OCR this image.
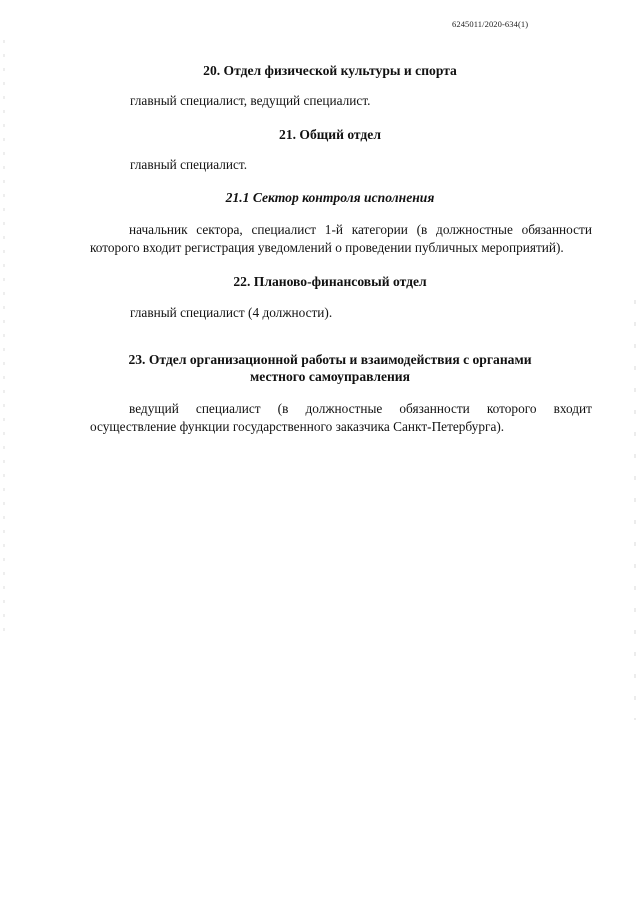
6245011/2020-634(1)
20. Отдел физической культуры и спорта
главный специалист, ведущий специалист.
21. Общий отдел
главный специалист.
21.1 Сектор контроля исполнения
начальник сектора, специалист 1-й категории (в должностные обязанности которого входит регистрация уведомлений о проведении публичных мероприятий).
22. Планово-финансовый отдел
главный специалист (4 должности).
23. Отдел организационной работы и взаимодействия с органами
местного самоуправления
ведущий специалист (в должностные обязанности которого входит осуществление функции государственного заказчика Санкт-Петербурга).
